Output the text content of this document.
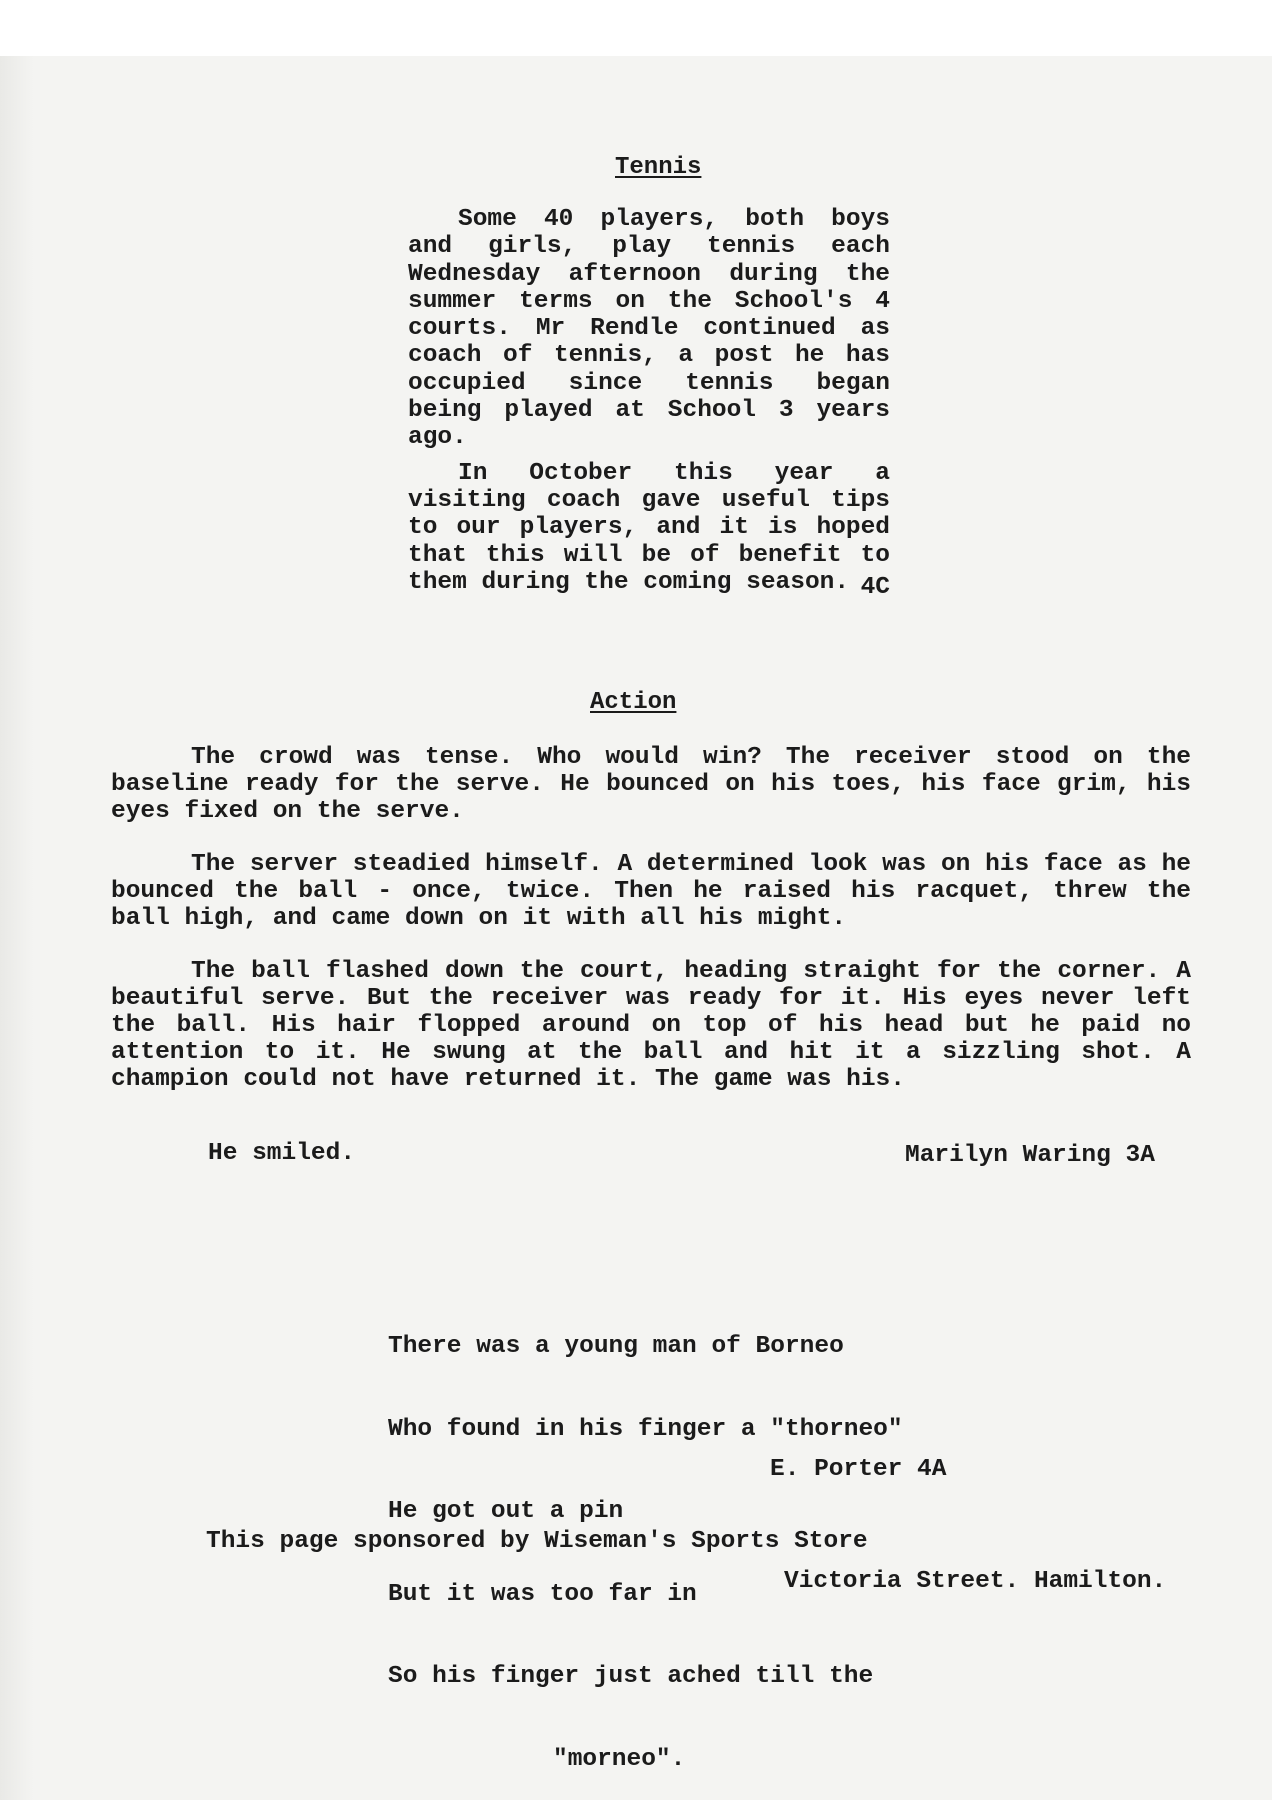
Tennis

Some 40 players, both boys and girls, play tennis each Wednesday afternoon during the summer terms on the School's 4 courts. Mr Rendle continued as coach of tennis, a post he has occupied since tennis began being played at School 3 years ago.

In October this year a visiting coach gave useful tips to our players, and it is hoped that this will be of benefit to them during the coming season. 4C

Action

The crowd was tense. Who would win? The receiver stood on the baseline ready for the serve. He bounced on his toes, his face grim, his eyes fixed on the serve.

The server steadied himself. A determined look was on his face as he bounced the ball - once, twice. Then he raised his racquet, threw the ball high, and came down on it with all his might.

The ball flashed down the court, heading straight for the corner. A beautiful serve. But the receiver was ready for it. His eyes never left the ball. His hair flopped around on top of his head but he paid no attention to it. He swung at the ball and hit it a sizzling shot. A champion could not have returned it. The game was his.

He smiled.	Marilyn Waring 3A

There was a young man of Borneo

Who found in his finger a "thorneo"

He got out a pin

But it was too far in

So his finger just ached till the

"morneo".

E. Porter 4A
This page sponsored by Wiseman's Sports Store
Victoria Street. Hamilton.
